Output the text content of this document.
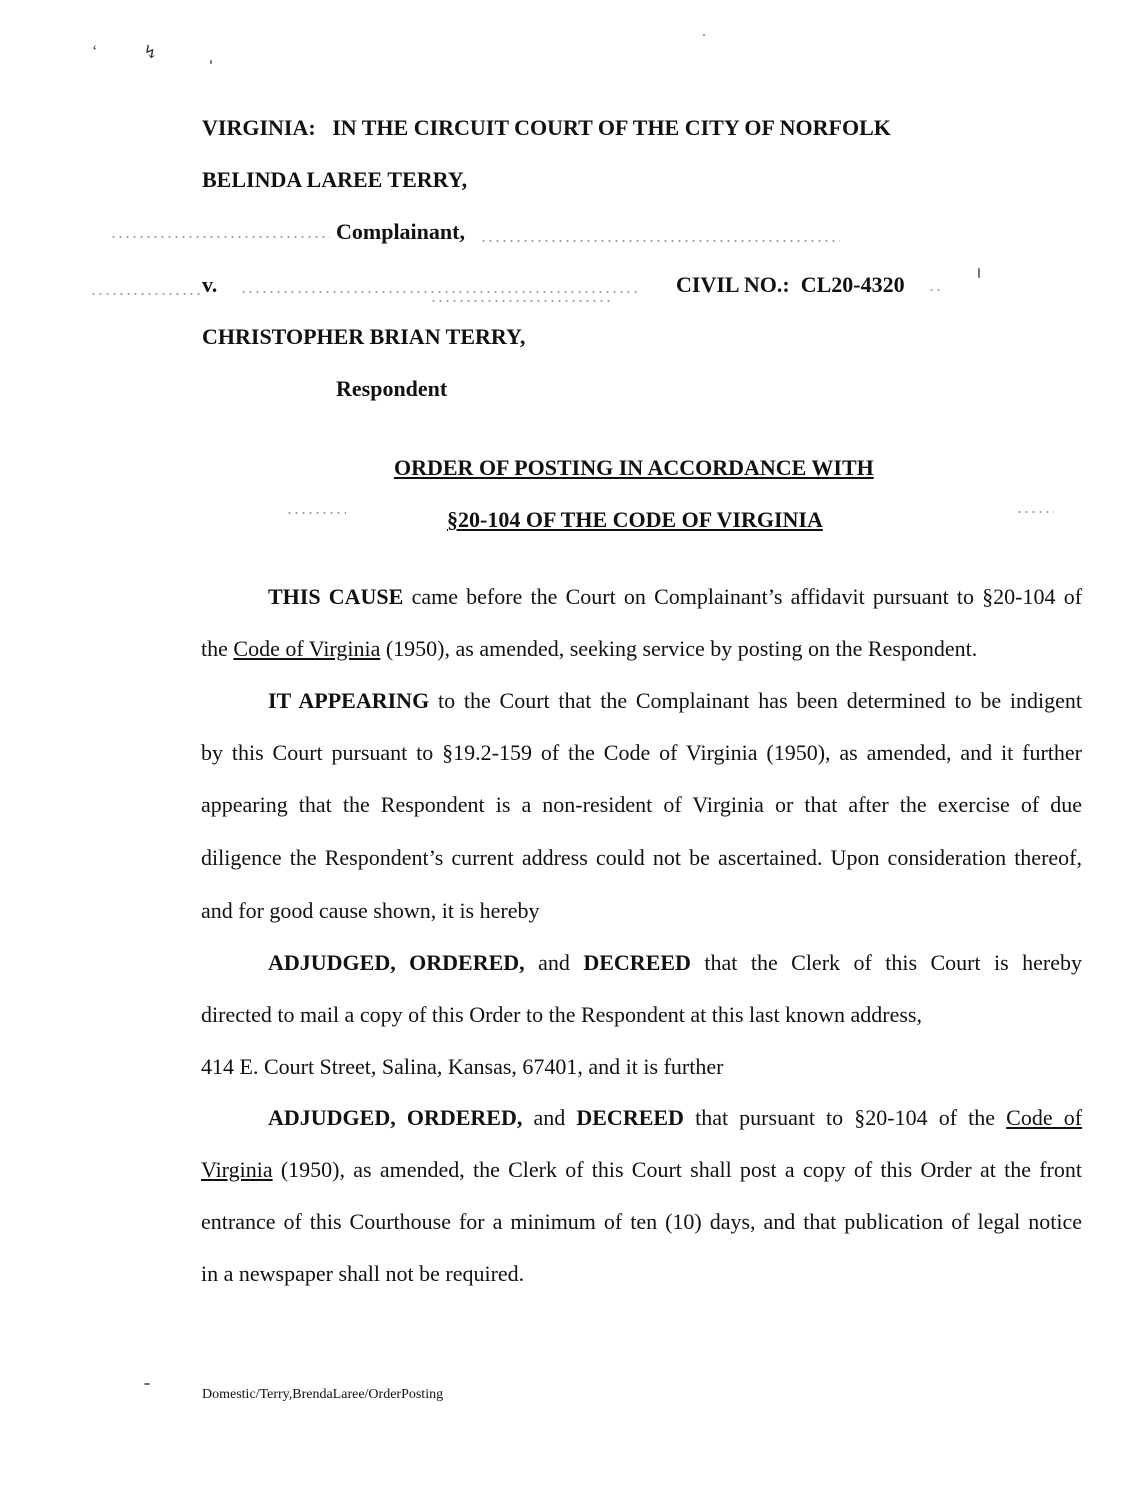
‘	↯
VIRGINIA: IN THE CIRCUIT COURT OF THE CITY OF NORFOLK
BELINDA LAREE TERRY,
Complainant,
v.	CIVIL NO.: CL20-4320
CHRISTOPHER BRIAN TERRY,
Respondent
ORDER OF POSTING IN ACCORDANCE WITH
§20-104 OF THE CODE OF VIRGINIA
THIS CAUSE came before the Court on Complainant’s affidavit pursuant to §20-104 of
the Code of Virginia (1950), as amended, seeking service by posting on the Respondent.
IT APPEARING to the Court that the Complainant has been determined to be indigent
by this Court pursuant to §19.2-159 of the Code of Virginia (1950), as amended, and it further
appearing that the Respondent is a non-resident of Virginia or that after the exercise of due
diligence the Respondent’s current address could not be ascertained. Upon consideration thereof,
and for good cause shown, it is hereby
ADJUDGED, ORDERED, and DECREED that the Clerk of this Court is hereby
directed to mail a copy of this Order to the Respondent at this last known address,
414 E. Court Street, Salina, Kansas, 67401, and it is further
ADJUDGED, ORDERED, and DECREED that pursuant to §20-104 of the Code of
Virginia (1950), as amended, the Clerk of this Court shall post a copy of this Order at the front
entrance of this Courthouse for a minimum of ten (10) days, and that publication of legal notice
in a newspaper shall not be required.
Domestic/Terry,BrendaLaree/OrderPosting
